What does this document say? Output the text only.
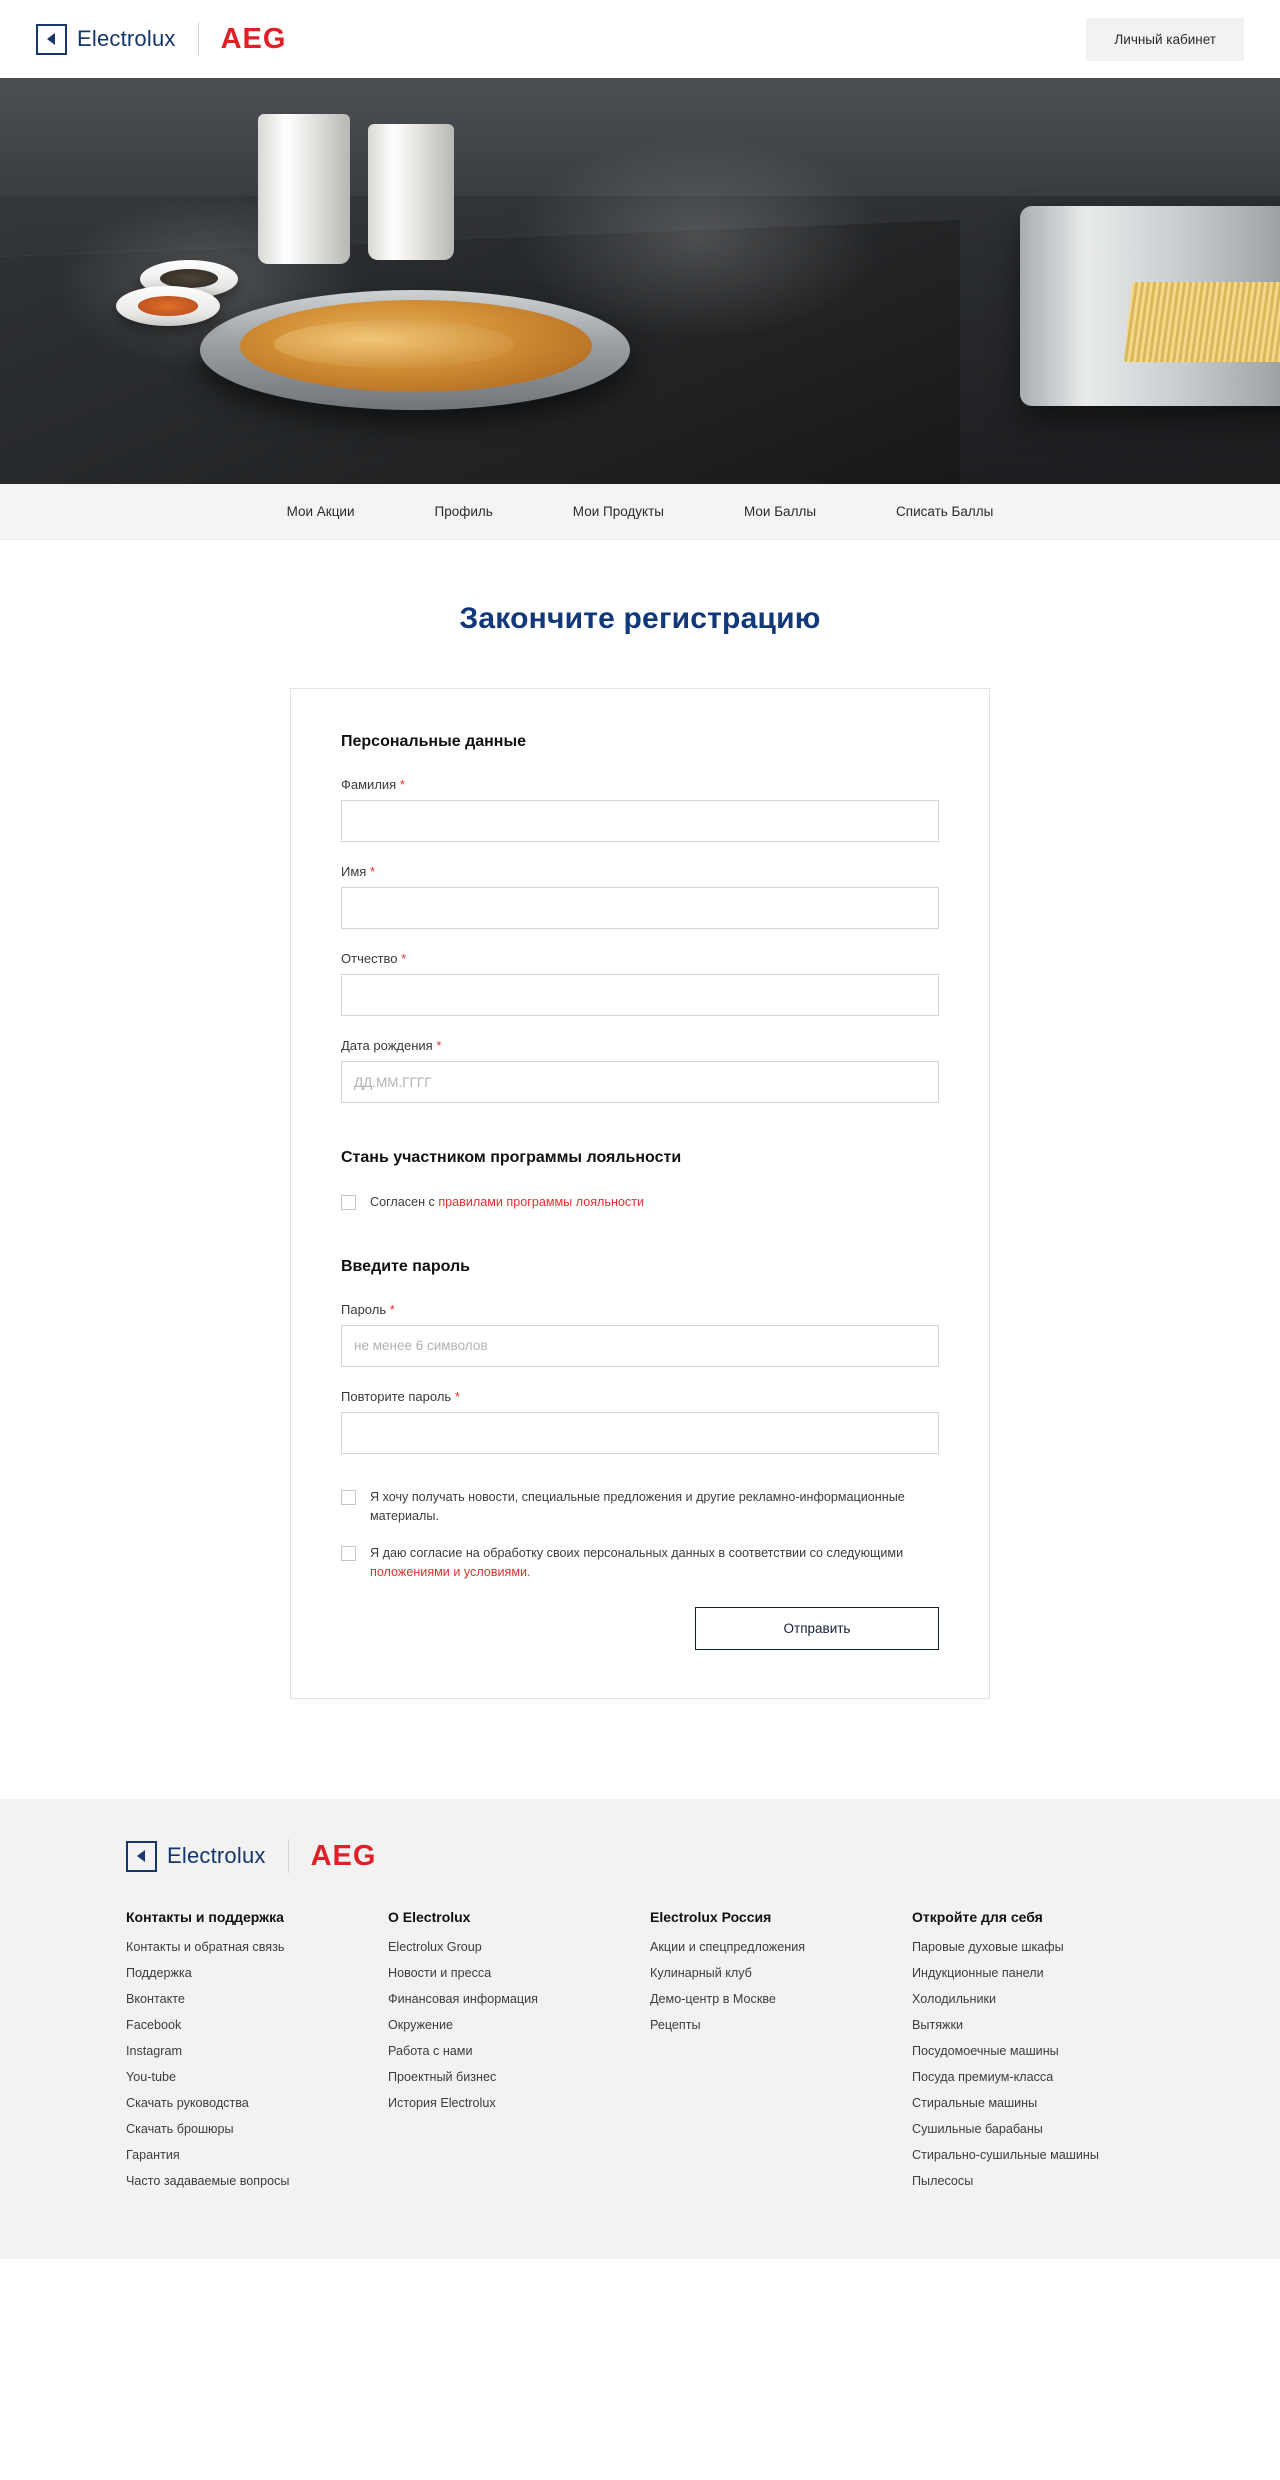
Electrolux AEG	Личный кабинет
Мои Акции	Профиль	Мои Продукты	Мои Баллы	Списать Баллы
Закончите регистрацию
Персональные данные
Фамилия *
Имя *
Отчество *
Дата рождения *
ДД.ММ.ГГГГ
Стань участником программы лояльности
Согласен с правилами программы лояльности
Введите пароль
Пароль *
Повторите пароль *
Я хочу получать новости, специальные предложения и другие рекламно-информационные материалы.
Я даю согласие на обработку своих персональных данных в соответствии со следующими положениями и условиями.
Отправить
Electrolux AEG
Контакты и поддержка
Контакты и обратная связь
Поддержка
Вконтакте
Facebook
Instagram
You-tube
Скачать руководства
Скачать брошюры
Гарантия
Часто задаваемые вопросы
О Electrolux
Electrolux Group
Новости и пресса
Финансовая информация
Окружение
Работа с нами
Проектный бизнес
История Electrolux
Electrolux Россия
Акции и спецпредложения
Кулинарный клуб
Демо-центр в Москве
Рецепты
Откройте для себя
Паровые духовые шкафы
Индукционные панели
Холодильники
Вытяжки
Посудомоечные машины
Посуда премиум-класса
Стиральные машины
Сушильные барабаны
Стирально-сушильные машины
Пылесосы
